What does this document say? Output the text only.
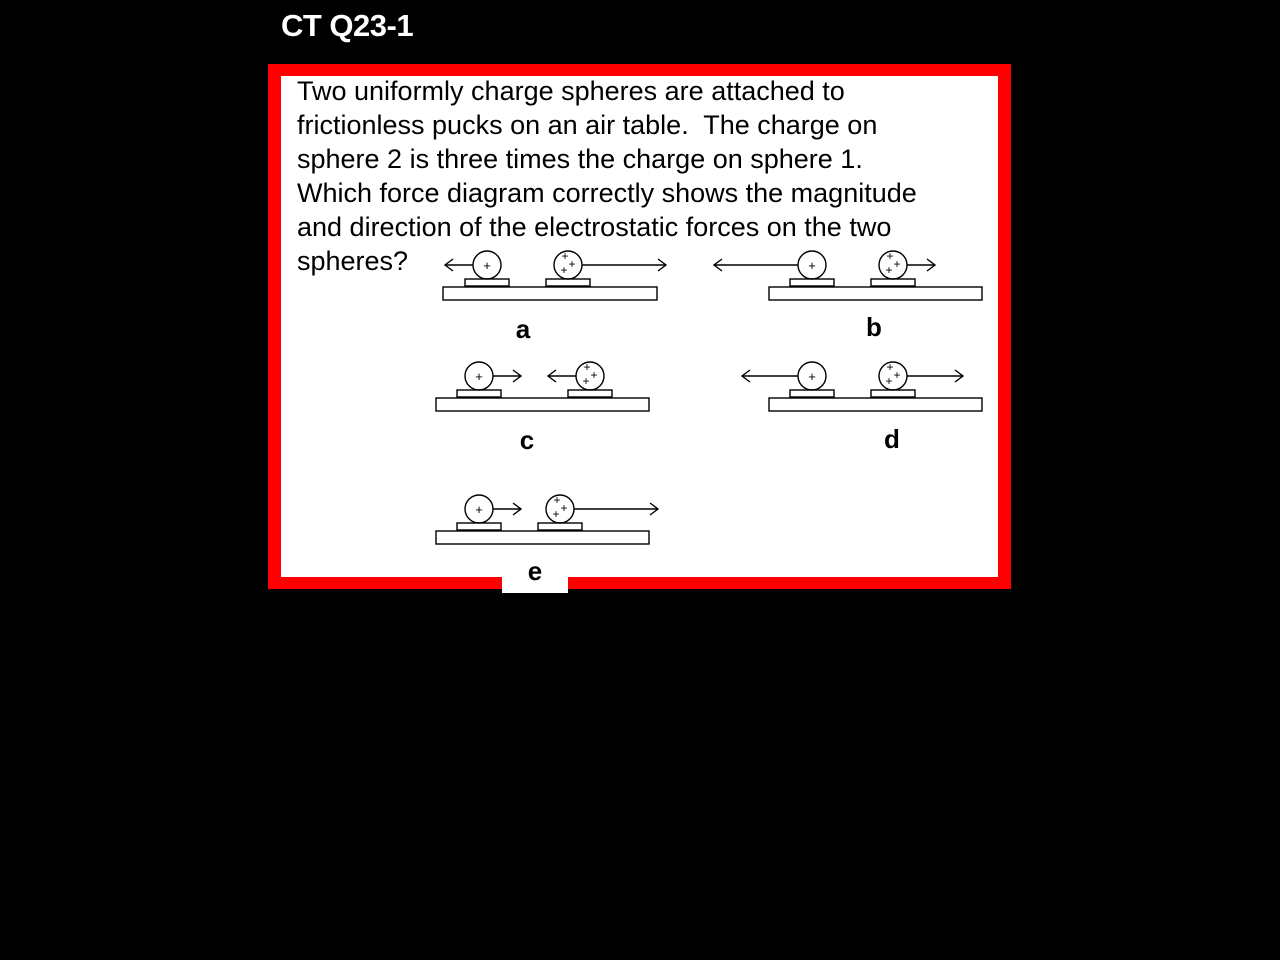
CT Q23-1

Two uniformly charge spheres are attached to
frictionless pucks on an air table.  The charge on
sphere 2 is three times the charge on sphere 1.
Which force diagram correctly shows the magnitude
and direction of the electrostatic forces on the two
spheres?	+
+
+
+	+
+
+
+
+
+
+
+	+
+
+
+
+
+
+
+
a	b
c	d
e
